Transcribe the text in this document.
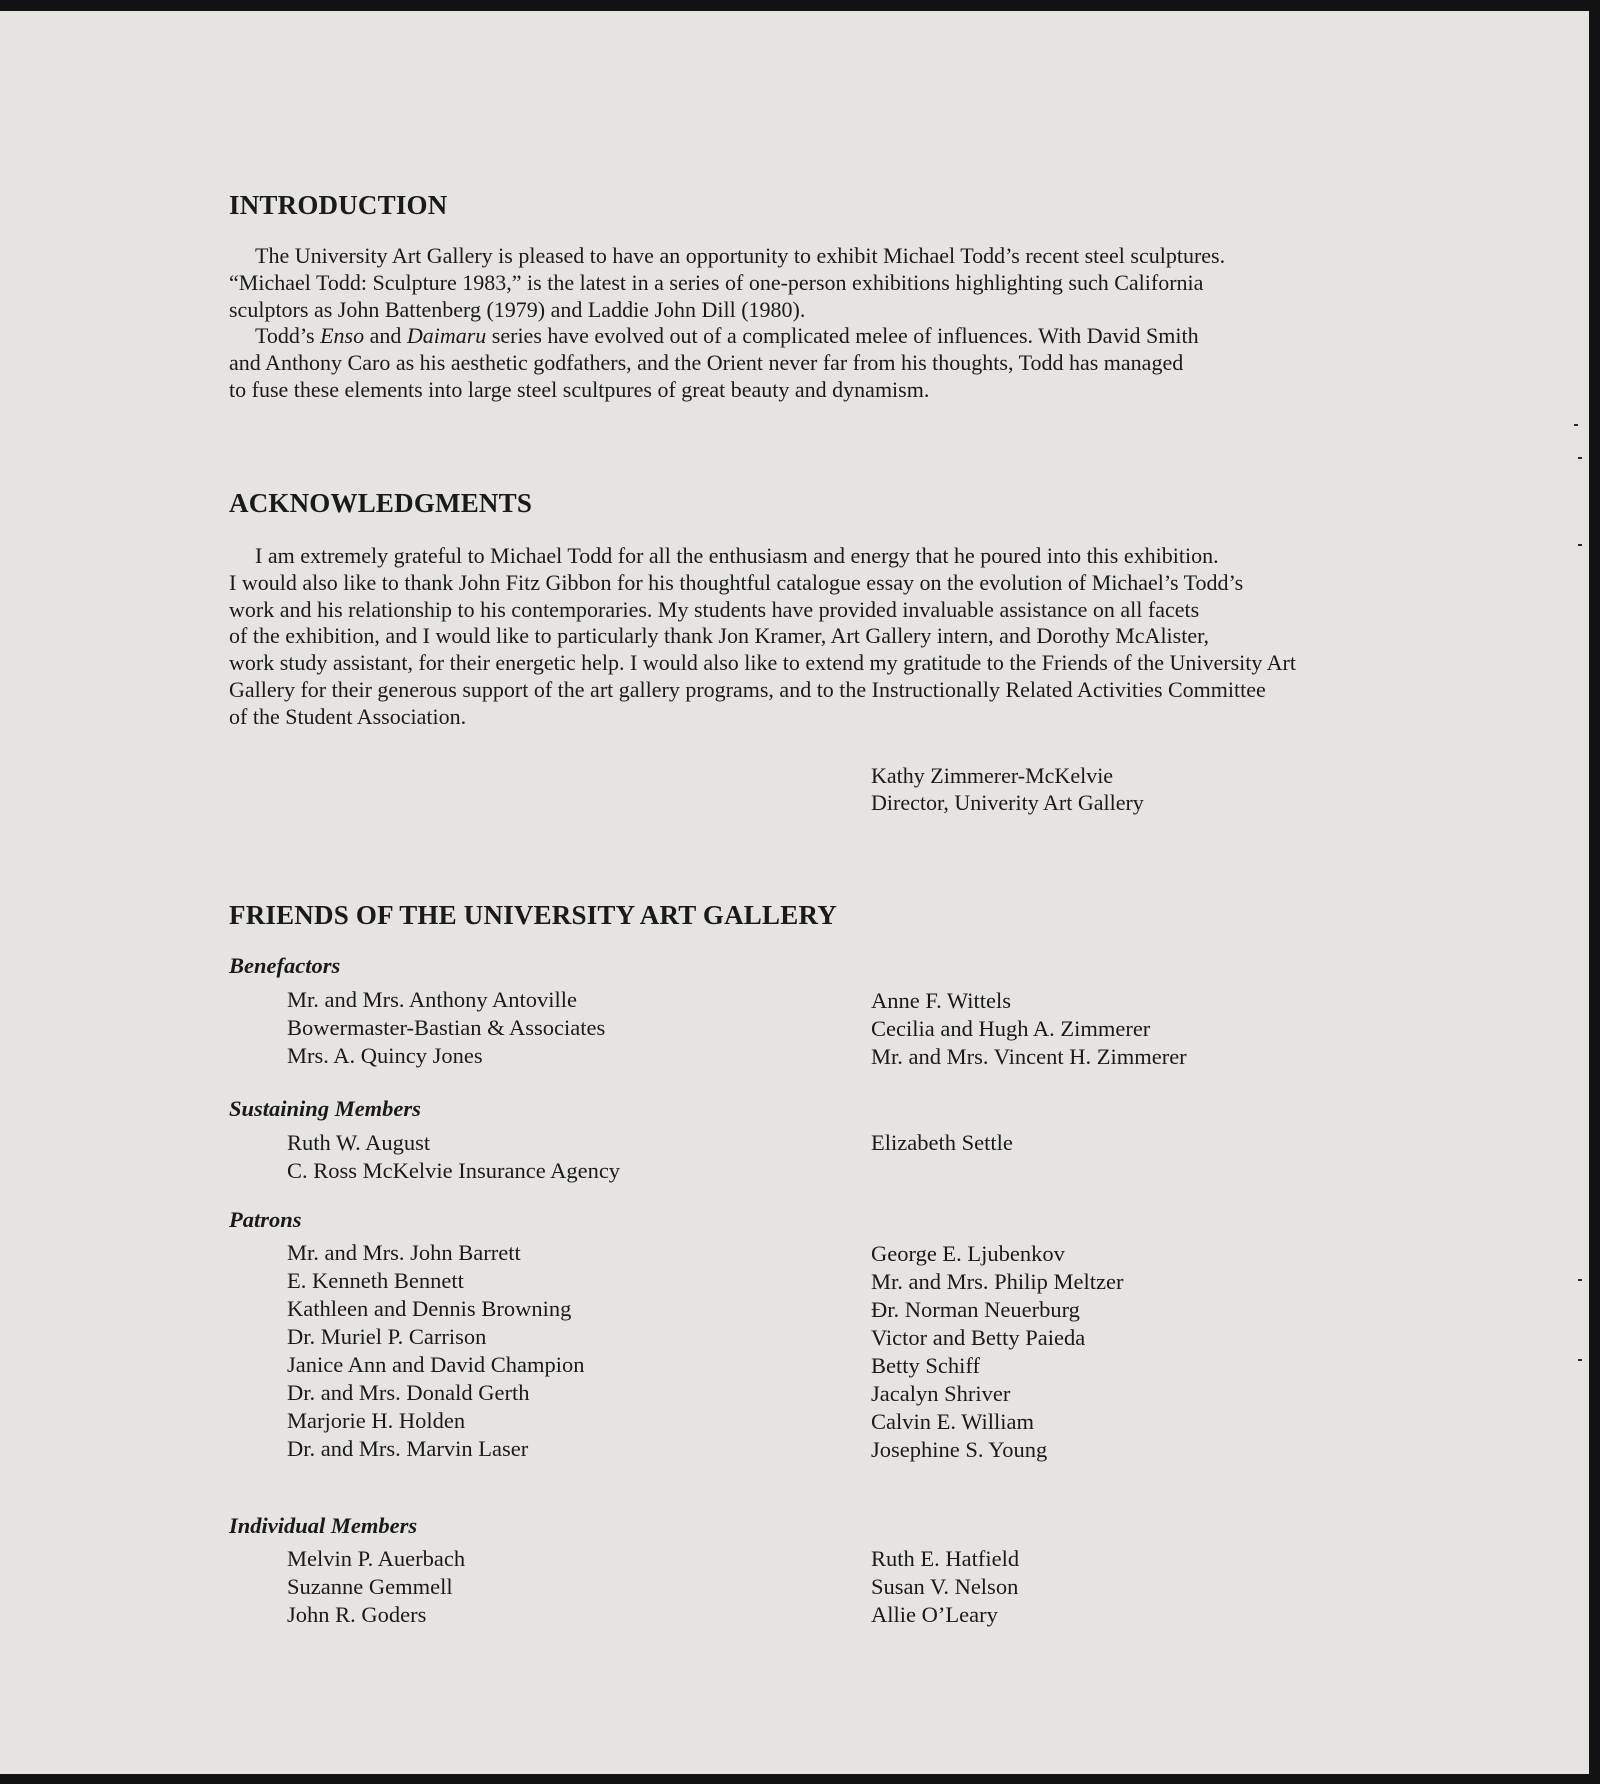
INTRODUCTION
The University Art Gallery is pleased to have an opportunity to exhibit Michael Todd’s recent steel sculptures.
“Michael Todd: Sculpture 1983,” is the latest in a series of one-person exhibitions highlighting such California
sculptors as John Battenberg (1979) and Laddie John Dill (1980).
Todd’s Enso and Daimaru series have evolved out of a complicated melee of influences. With David Smith
and Anthony Caro as his aesthetic godfathers, and the Orient never far from his thoughts, Todd has managed
to fuse these elements into large steel scultpures of great beauty and dynamism.
ACKNOWLEDGMENTS
I am extremely grateful to Michael Todd for all the enthusiasm and energy that he poured into this exhibition.
I would also like to thank John Fitz Gibbon for his thoughtful catalogue essay on the evolution of Michael’s Todd’s
work and his relationship to his contemporaries. My students have provided invaluable assistance on all facets
of the exhibition, and I would like to particularly thank Jon Kramer, Art Gallery intern, and Dorothy McAlister,
work study assistant, for their energetic help. I would also like to extend my gratitude to the Friends of the University Art
Gallery for their generous support of the art gallery programs, and to the Instructionally Related Activities Committee
of the Student Association.
Kathy Zimmerer-McKelvie
Director, Univerity Art Gallery
FRIENDS OF THE UNIVERSITY ART GALLERY
Benefactors
Mr. and Mrs. Anthony Antoville
Bowermaster-Bastian & Associates
Mrs. A. Quincy Jones
Anne F. Wittels
Cecilia and Hugh A. Zimmerer
Mr. and Mrs. Vincent H. Zimmerer
Sustaining Members
Ruth W. August
C. Ross McKelvie Insurance Agency
Elizabeth Settle
Patrons
Mr. and Mrs. John Barrett
E. Kenneth Bennett
Kathleen and Dennis Browning
Dr. Muriel P. Carrison
Janice Ann and David Champion
Dr. and Mrs. Donald Gerth
Marjorie H. Holden
Dr. and Mrs. Marvin Laser
George E. Ljubenkov
Mr. and Mrs. Philip Meltzer
Ðr. Norman Neuerburg
Victor and Betty Paieda
Betty Schiff
Jacalyn Shriver
Calvin E. William
Josephine S. Young
Individual Members
Melvin P. Auerbach
Suzanne Gemmell
John R. Goders
Ruth E. Hatfield
Susan V. Nelson
Allie O’Leary
